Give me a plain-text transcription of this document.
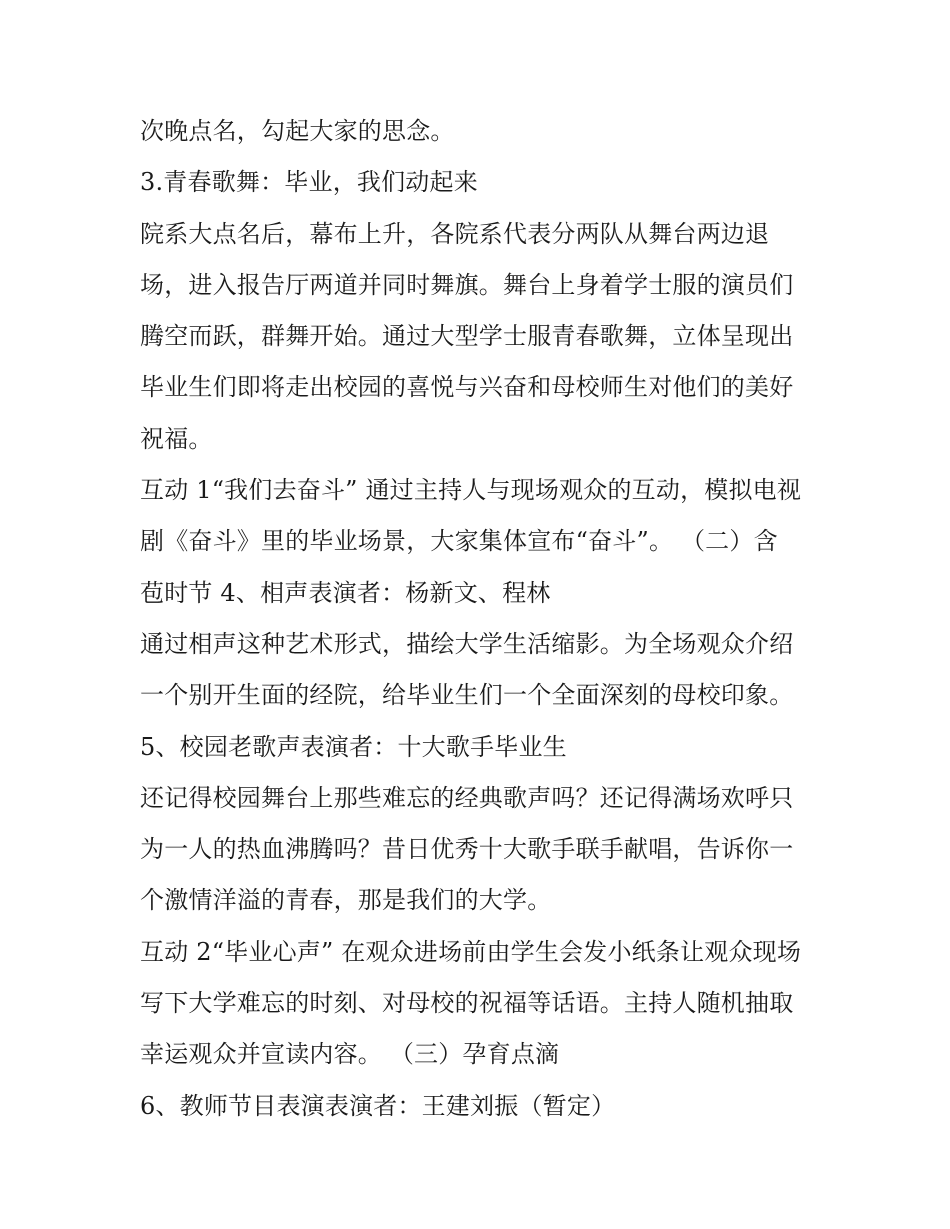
次晚点名，勾起大家的思念。

3.青春歌舞：毕业，我们动起来

院系大点名后，幕布上升，各院系代表分两队从舞台两边退

场，进入报告厅两道并同时舞旗。舞台上身着学士服的演员们

腾空而跃，群舞开始。通过大型学士服青春歌舞，立体呈现出

毕业生们即将走出校园的喜悦与兴奋和母校师生对他们的美好

祝福。

互动 1“我们去奋斗” 通过主持人与现场观众的互动，模拟电视

剧《奋斗》里的毕业场景，大家集体宣布“奋斗”。 （二）含

苞时节 4、相声表演者：杨新文、程林

通过相声这种艺术形式，描绘大学生活缩影。为全场观众介绍

一个别开生面的经院，给毕业生们一个全面深刻的母校印象。

5、校园老歌声表演者：十大歌手毕业生

还记得校园舞台上那些难忘的经典歌声吗？还记得满场欢呼只

为一人的热血沸腾吗？昔日优秀十大歌手联手献唱，告诉你一

个激情洋溢的青春，那是我们的大学。

互动 2“毕业心声” 在观众进场前由学生会发小纸条让观众现场

写下大学难忘的时刻、对母校的祝福等话语。主持人随机抽取

幸运观众并宣读内容。 （三）孕育点滴

6、教师节目表演表演者：王建刘振（暂定）
